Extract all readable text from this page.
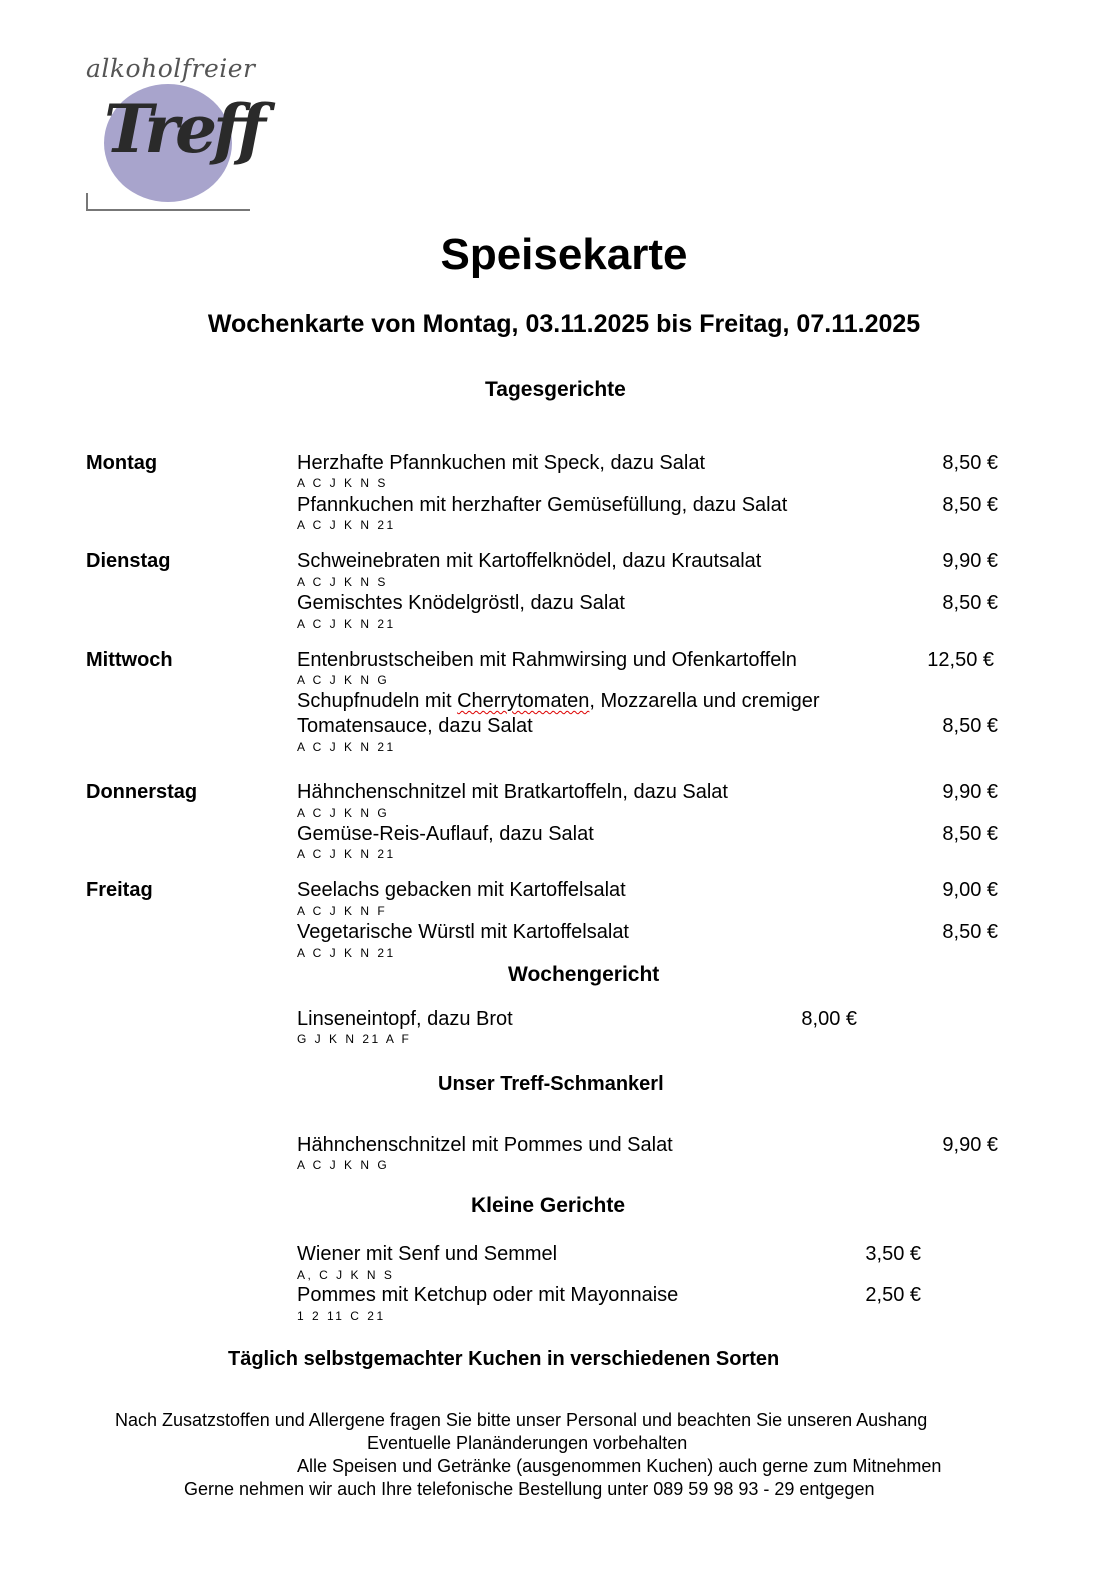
alkoholfreier
Treff
Speisekarte
Wochenkarte von Montag, 03.11.2025 bis Freitag, 07.11.2025
Tagesgerichte
Montag	Herzhafte Pfannkuchen mit Speck, dazu Salat	8,50 €
A C J K N S
Pfannkuchen mit herzhafter Gemüsefüllung, dazu Salat	8,50 €
A C J K N 21
Dienstag	Schweinebraten mit Kartoffelknödel, dazu Krautsalat	9,90 €
A C J K N S
Gemischtes Knödelgröstl, dazu Salat	8,50 €
A C J K N 21
Mittwoch	Entenbrustscheiben mit Rahmwirsing und Ofenkartoffeln	12,50 €
A C J K N G
Schupfnudeln mit Cherrytomaten, Mozzarella und cremiger
Tomatensauce, dazu Salat	8,50 €
A C J K N 21
Donnerstag	Hähnchenschnitzel mit Bratkartoffeln, dazu Salat	9,90 €
A C J K N G
Gemüse-Reis-Auflauf, dazu Salat	8,50 €
A C J K N 21
Freitag	Seelachs gebacken mit Kartoffelsalat	9,00 €
A C J K N F
Vegetarische Würstl mit Kartoffelsalat	8,50 €
A C J K N 21
Wochengericht
Linseneintopf, dazu Brot	8,00 €
G J K N 21 A F
Unser Treff-Schmankerl
Hähnchenschnitzel mit Pommes und Salat	9,90 €
A C J K N G
Kleine Gerichte
Wiener mit Senf und Semmel	3,50 €
A, C J K N S
Pommes mit Ketchup oder mit Mayonnaise	2,50 €
1 2 11 C 21
Täglich selbstgemachter Kuchen in verschiedenen Sorten
Nach Zusatzstoffen und Allergene fragen Sie bitte unser Personal und beachten Sie unseren Aushang
Eventuelle Planänderungen vorbehalten
Alle Speisen und Getränke (ausgenommen Kuchen) auch gerne zum Mitnehmen
Gerne nehmen wir auch Ihre telefonische Bestellung unter 089 59 98 93 - 29 entgegen
